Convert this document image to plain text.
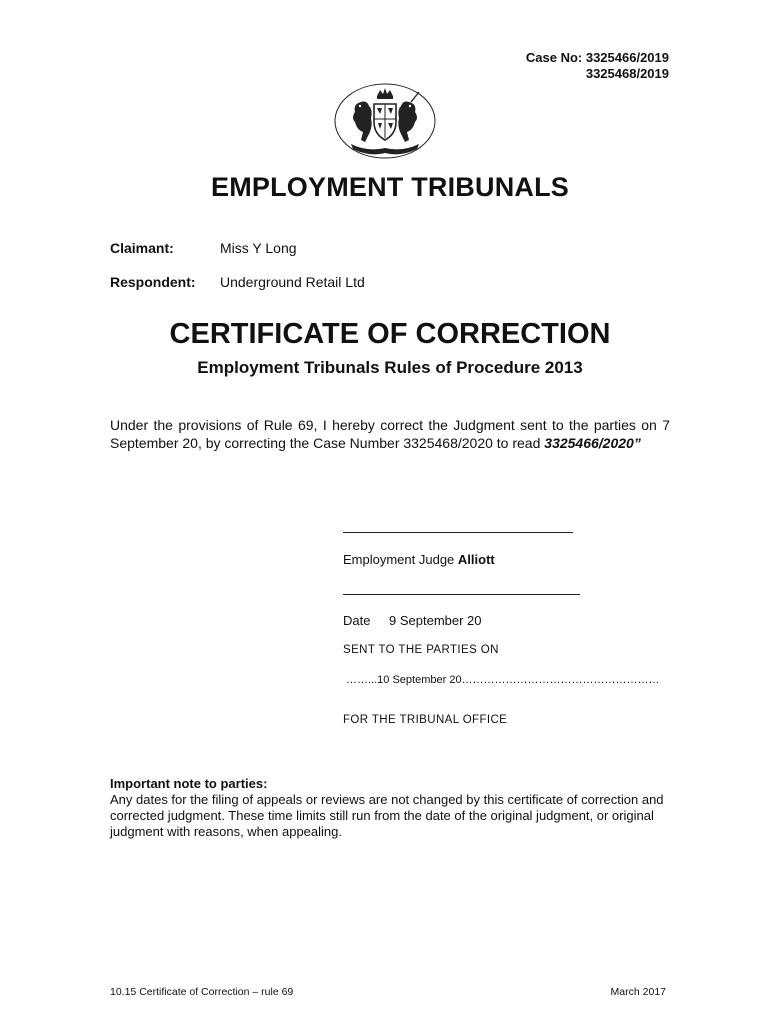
Case No: 3325466/2019
3325468/2019
EMPLOYMENT TRIBUNALS
Claimant:	Miss Y Long
Respondent: Underground Retail Ltd
CERTIFICATE OF CORRECTION
Employment Tribunals Rules of Procedure 2013
Under the provisions of Rule 69, I hereby correct the Judgment sent to the parties on 7 September 20, by correcting the Case Number 3325468/2020 to read 3325466/2020”
Employment Judge Alliott
Date 9 September 20
SENT TO THE PARTIES ON
……...10 September 20………………………………………………
FOR THE TRIBUNAL OFFICE
Important note to parties:
Any dates for the filing of appeals or reviews are not changed by this certificate of correction and corrected judgment. These time limits still run from the date of the original judgment, or original judgment with reasons, when appealing.
10.15 Certificate of Correction – rule 69	March 2017
